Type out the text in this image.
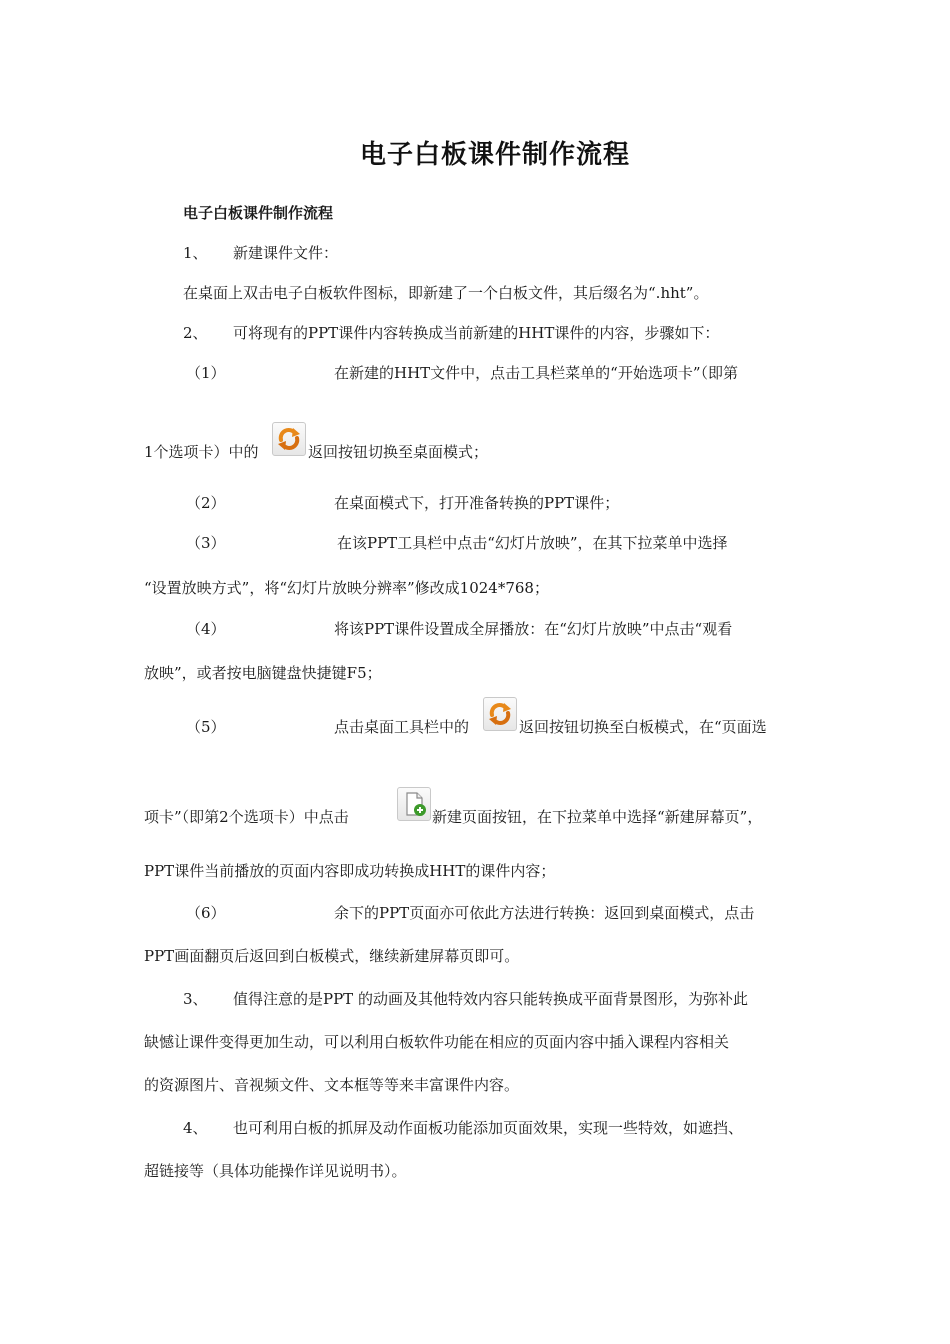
电子白板课件制作流程
电子白板课件制作流程
1、 新建课件文件：
在桌面上双击电子白板软件图标，即新建了一个白板文件，其后缀名为“.hht”。
2、 可将现有的PPT课件内容转换成当前新建的HHT课件的内容，步骤如下：
（1）	在新建的HHT文件中，点击工具栏菜单的“开始选项卡”（即第
1个选项卡）中的	返回按钮切换至桌面模式；
（2）	在桌面模式下，打开准备转换的PPT课件；
（3）	在该PPT工具栏中点击“幻灯片放映”，在其下拉菜单中选择
“设置放映方式”，将“幻灯片放映分辨率”修改成1024*768；
（4）	将该PPT课件设置成全屏播放：在“幻灯片放映”中点击“观看
放映”，或者按电脑键盘快捷键F5；
（5）	点击桌面工具栏中的	返回按钮切换至白板模式，在“页面选
项卡”（即第2个选项卡）中点击	新建页面按钮，在下拉菜单中选择“新建屏幕页”，
PPT课件当前播放的页面内容即成功转换成HHT的课件内容；
（6）	余下的PPT页面亦可依此方法进行转换：返回到桌面模式，点击
PPT画面翻页后返回到白板模式，继续新建屏幕页即可。
3、 值得注意的是PPT 的动画及其他特效内容只能转换成平面背景图形，为弥补此
缺憾让课件变得更加生动，可以利用白板软件功能在相应的页面内容中插入课程内容相关
的资源图片、音视频文件、文本框等等来丰富课件内容。
4、 也可利用白板的抓屏及动作面板功能添加页面效果，实现一些特效，如遮挡、
超链接等（具体功能操作详见说明书）。
